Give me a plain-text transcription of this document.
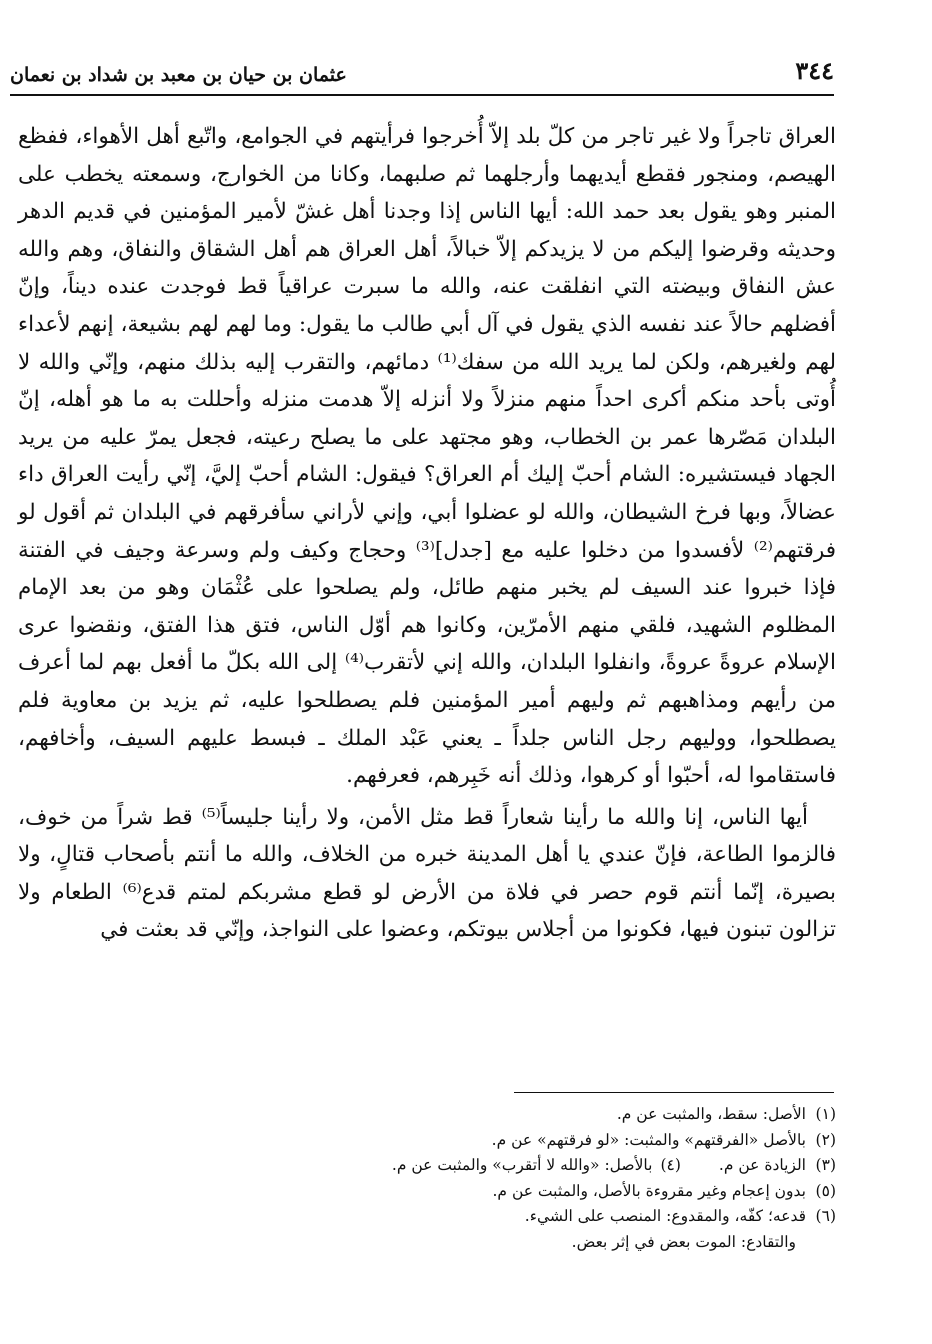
٣٤٤
عثمان بن حيان بن معبد بن شداد بن نعمان

العراق تاجراً ولا غير تاجر من كلّ بلد إلاّ أُخرجوا فرأيتهم في الجوامع، واتّبع أهل الأهواء، ففظع الهيصم، ومنجور فقطع أيديهما وأرجلهما ثم صلبهما، وكانا من الخوارج، وسمعته يخطب على المنبر وهو يقول بعد حمد الله: أيها الناس إذا وجدنا أهل غشّ لأمير المؤمنين في قديم الدهر وحديثه وقرضوا إليكم من لا يزيدكم إلاّ خبالاً، أهل العراق هم أهل الشقاق والنفاق، وهم والله عش النفاق وبيضته التي انفلقت عنه، والله ما سبرت عراقياً قط فوجدت عنده ديناً، وإنّ أفضلهم حالاً عند نفسه الذي يقول في آل أبي طالب ما يقول: وما لهم لهم بشيعة، إنهم لأعداء لهم ولغيرهم، ولكن لما يريد الله من سفك⁽¹⁾ دمائهم، والتقرب إليه بذلك منهم، وإنّي والله لا أُوتى بأحد منكم أكرى احداً منهم منزلاً ولا أنزله إلاّ هدمت منزله وأحللت به ما هو أهله، إنّ البلدان مَصّرها عمر بن الخطاب، وهو مجتهد على ما يصلح رعيته، فجعل يمرّ عليه من يريد الجهاد فيستشيره: الشام أحبّ إليك أم العراق؟ فيقول: الشام أحبّ إليَّ، إنّي رأيت العراق داء عضالاً، وبها فرخ الشيطان، والله لو عضلوا أبي، وإني لأراني سأفرقهم في البلدان ثم أقول لو فرقتهم⁽²⁾ لأفسدوا من دخلوا عليه مع [جدل]⁽³⁾ وحجاج وكيف ولم وسرعة وجيف في الفتنة فإذا خبروا عند السيف لم يخبر منهم طائل، ولم يصلحوا على عُثْمَان وهو من بعد الإمام المظلوم الشهيد، فلقي منهم الأمرّين، وكانوا هم أوّل الناس، فتق هذا الفتق، ونقضوا عرى الإسلام عروةً عروةً، وانفلوا البلدان، والله إني لأتقرب⁽⁴⁾ إلى الله بكلّ ما أفعل بهم لما أعرف من رأيهم ومذاهبهم ثم وليهم أمير المؤمنين فلم يصطلحوا عليه، ثم يزيد بن معاوية فلم يصطلحوا، ووليهم رجل الناس جلداً ـ يعني عَبْد الملك ـ فبسط عليهم السيف، وأخافهم، فاستقاموا له، أحبّوا أو كرهوا، وذلك أنه خَبِرهم، فعرفهم.

أيها الناس، إنا والله ما رأينا شعاراً قط مثل الأمن، ولا رأينا جليساً⁽⁵⁾ قط شراً من خوف، فالزموا الطاعة، فإنّ عندي يا أهل المدينة خبره من الخلاف، والله ما أنتم بأصحاب قتالٍ، ولا بصيرة، إنّما أنتم قوم حصر في فلاة من الأرض لو قطع مشربكم لمتم قدع⁽⁶⁾ الطعام ولا تزالون تبنون فيها، فكونوا من أجلاس بيوتكم، وعضوا على النواجذ، وإنّي قد بعثت في

(١)
الأصل: سقط، والمثبت عن م.
(٢)
بالأصل «الفرقتهم» والمثبت: «لو فرقتهم» عن م.
(٣)
الزيادة عن م.
(٤)
بالأصل: «والله لا أتقرب» والمثبت عن م.
(٥)
بدون إعجام وغير مقروءة بالأصل، والمثبت عن م.
(٦)
قدعه؛ كفّه، والمقدوع: المنصب على الشيء.
والتقادع: الموت بعض في إثر بعض.
